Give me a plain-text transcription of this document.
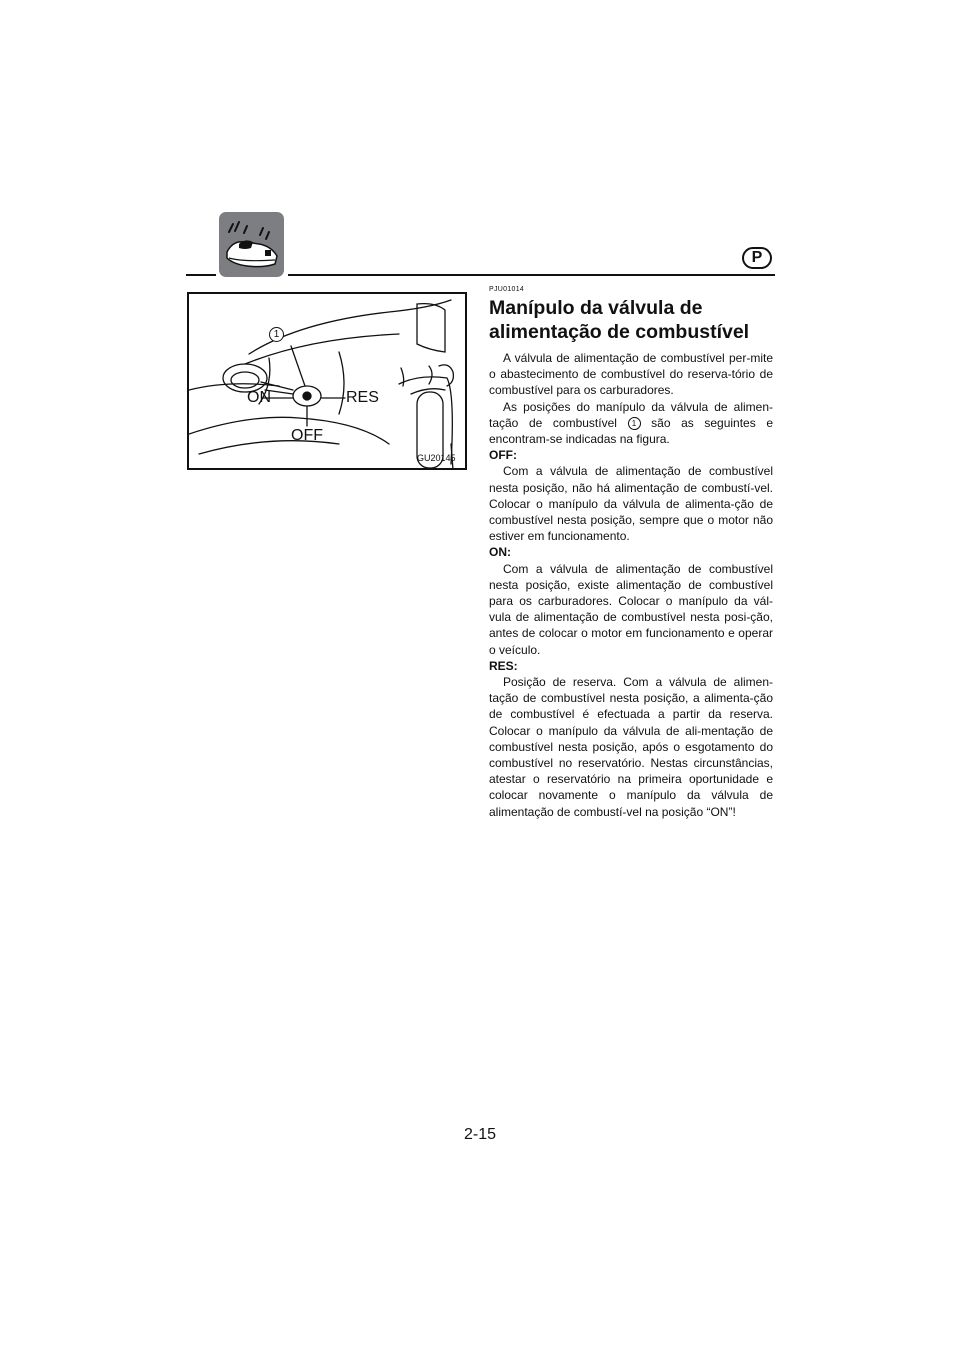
P
1
ON	RES
OFF
GU20145
PJU01014
Manípulo da válvula de
alimentação de combustível

A válvula de alimentação de combustível per-mite o abastecimento de combustível do reserva-tório de combustível para os carburadores.

As posições do manípulo da válvula de alimen-tação de combustível 1 são as seguintes e encontram-se indicadas na figura.

OFF:

Com a válvula de alimentação de combustível nesta posição, não há alimentação de combustí-vel. Colocar o manípulo da válvula de alimenta-ção de combustível nesta posição, sempre que o motor não estiver em funcionamento.

ON:

Com a válvula de alimentação de combustível nesta posição, existe alimentação de combustível para os carburadores. Colocar o manípulo da vál-vula de alimentação de combustível nesta posi-ção, antes de colocar o motor em funcionamento e operar o veículo.

RES:

Posição de reserva. Com a válvula de alimen-tação de combustível nesta posição, a alimenta-ção de combustível é efectuada a partir da reserva. Colocar o manípulo da válvula de ali-mentação de combustível nesta posição, após o esgotamento do combustível no reservatório. Nestas circunstâncias, atestar o reservatório na primeira oportunidade e colocar novamente o manípulo da válvula de alimentação de combustí-vel na posição “ON”!

2-15
